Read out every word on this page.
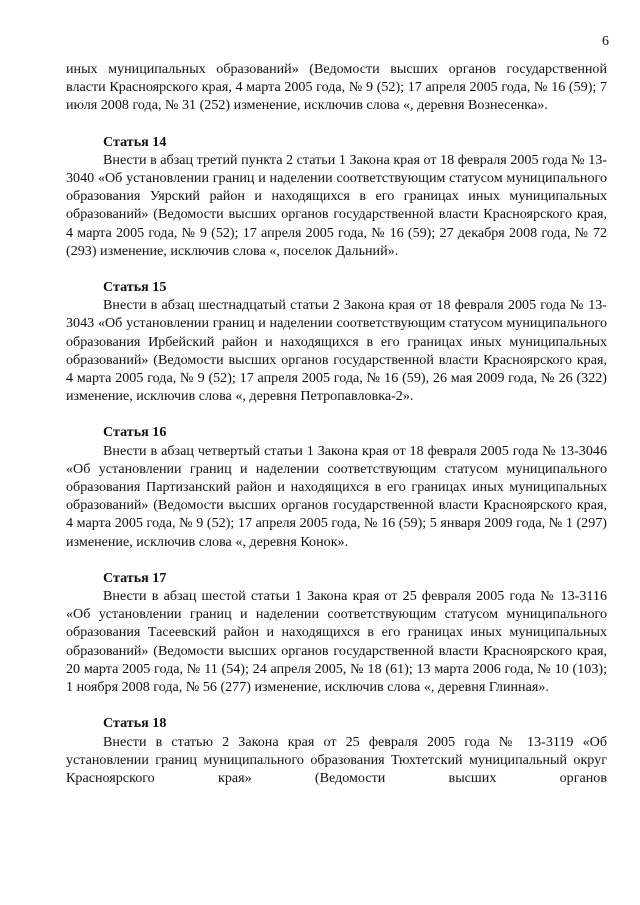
6

иных муниципальных образований» (Ведомости высших органов государственной власти Красноярского края, 4 марта 2005 года, № 9 (52); 17 апреля 2005 года, № 16 (59); 7 июля 2008 года, № 31 (252) изменение, исключив слова «, деревня Вознесенка».

Статья 14

Внести в абзац третий пункта 2 статьи 1 Закона края от 18 февраля 2005 года № 13-3040 «Об установлении границ и наделении соответствующим статусом муниципального образования Уярский район и находящихся в его границах иных муниципальных образований» (Ведомости высших органов государственной власти Красноярского края, 4 марта 2005 года, № 9 (52); 17 апреля 2005 года, № 16 (59); 27 декабря 2008 года, № 72 (293) изменение, исключив слова «, поселок Дальний».

Статья 15

Внести в абзац шестнадцатый статьи 2 Закона края от 18 февраля 2005 года № 13-3043 «Об установлении границ и наделении соответствующим статусом муниципального образования Ирбейский район и находящихся в его границах иных муниципальных образований» (Ведомости высших органов государственной власти Красноярского края, 4 марта 2005 года, № 9 (52); 17 апреля 2005 года, № 16 (59), 26 мая 2009 года, № 26 (322) изменение, исключив слова «, деревня Петропавловка-2».

Статья 16

Внести в абзац четвертый статьи 1 Закона края от 18 февраля 2005 года № 13-3046 «Об установлении границ и наделении соответствующим статусом муниципального образования Партизанский район и находящихся в его границах иных муниципальных образований» (Ведомости высших органов государственной власти Красноярского края, 4 марта 2005 года, № 9 (52); 17 апреля 2005 года, № 16 (59); 5 января 2009 года, № 1 (297) изменение, исключив слова «, деревня Конок».

Статья 17

Внести в абзац шестой статьи 1 Закона края от 25 февраля 2005 года № 13-3116 «Об установлении границ и наделении соответствующим статусом муниципального образования Тасеевский район и находящихся в его границах иных муниципальных образований» (Ведомости высших органов государственной власти Красноярского края, 20 марта 2005 года, № 11 (54); 24 апреля 2005, № 18 (61); 13 марта 2006 года, № 10 (103); 1 ноября 2008 года, № 56 (277) изменение, исключив слова «, деревня Глинная».

Статья 18

Внести в статью 2 Закона края от 25 февраля 2005 года № 13-3119 «Об установлении границ муниципального образования Тюхтетский муниципальный округ Красноярского края» (Ведомости высших органов
